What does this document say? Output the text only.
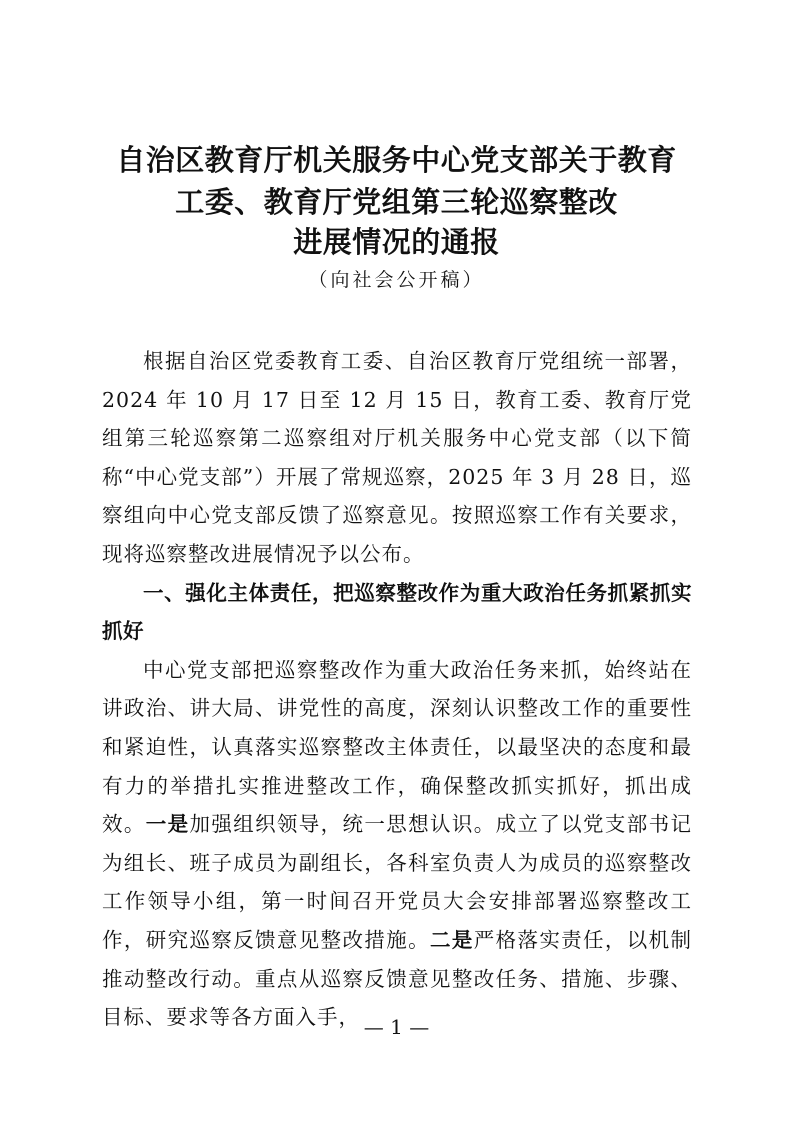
自治区教育厅机关服务中心党支部关于教育
工委、教育厅党组第三轮巡察整改
进展情况的通报
（向社会公开稿）

根据自治区党委教育工委、自治区教育厅党组统一部署，2024 年 10 月 17 日至 12 月 15 日，教育工委、教育厅党组第三轮巡察第二巡察组对厅机关服务中心党支部（以下简称“中心党支部”）开展了常规巡察，2025 年 3 月 28 日，巡察组向中心党支部反馈了巡察意见。按照巡察工作有关要求，现将巡察整改进展情况予以公布。

一、强化主体责任，把巡察整改作为重大政治任务抓紧抓实抓好

中心党支部把巡察整改作为重大政治任务来抓，始终站在讲政治、讲大局、讲党性的高度，深刻认识整改工作的重要性和紧迫性，认真落实巡察整改主体责任，以最坚决的态度和最有力的举措扎实推进整改工作，确保整改抓实抓好，抓出成效。一是加强组织领导，统一思想认识。成立了以党支部书记为组长、班子成员为副组长，各科室负责人为成员的巡察整改工作领导小组，第一时间召开党员大会安排部署巡察整改工作，研究巡察反馈意见整改措施。二是严格落实责任，以机制推动整改行动。重点从巡察反馈意见整改任务、措施、步骤、目标、要求等各方面入手， — 1 —
